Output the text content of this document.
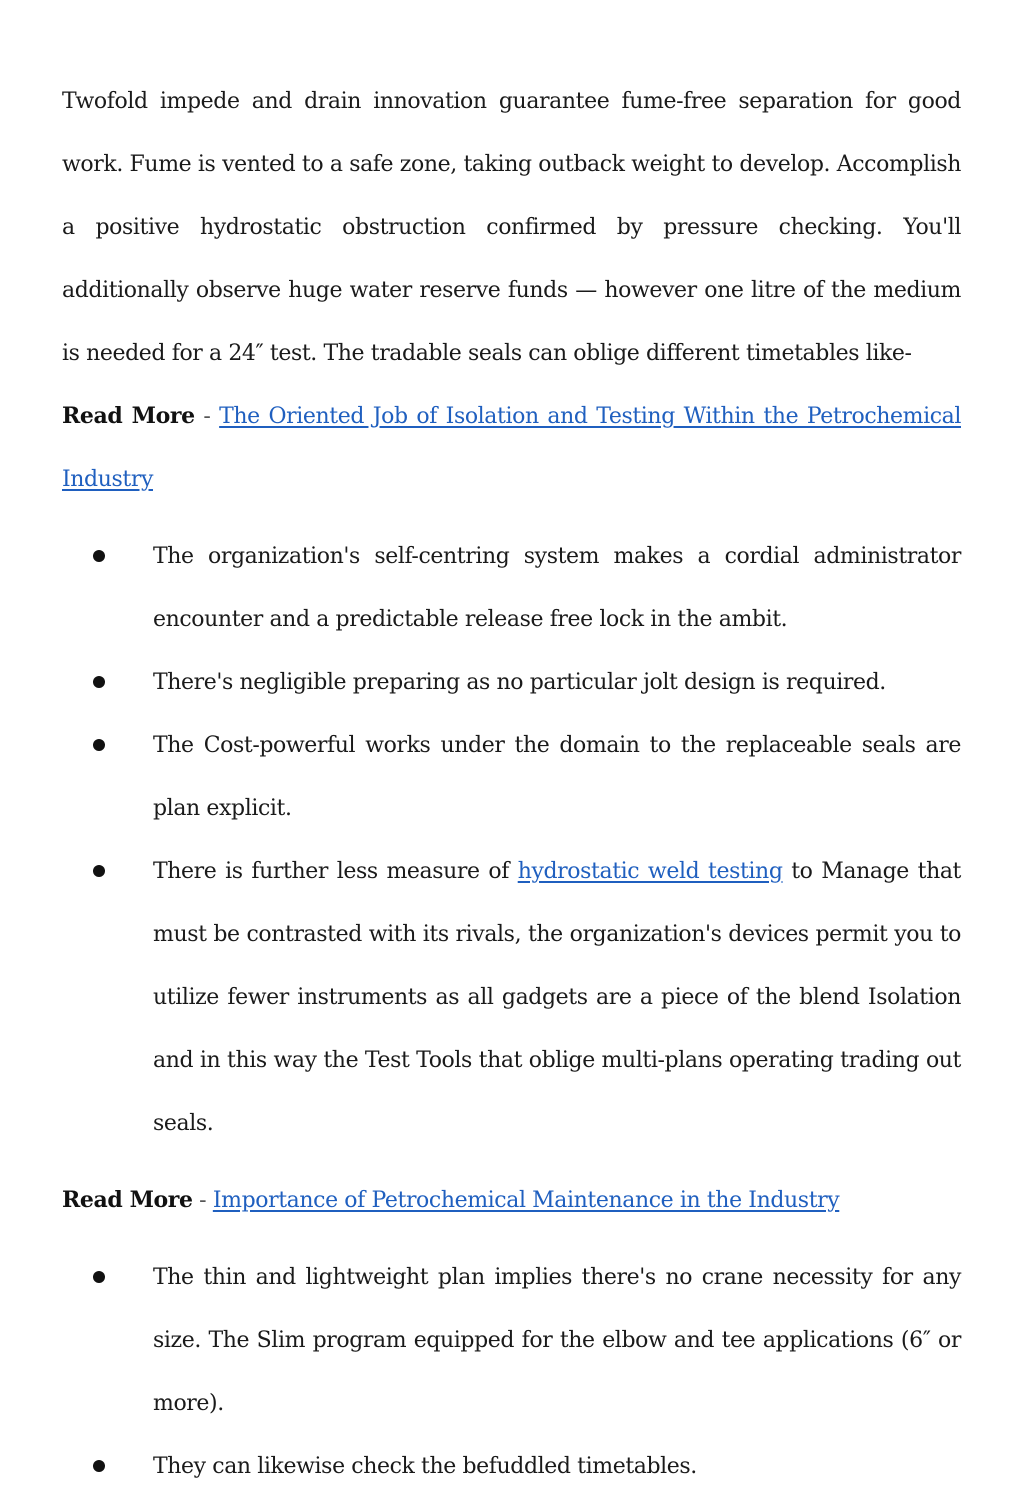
Twofold impede and drain innovation guarantee fume-free separation for good work. Fume is vented to a safe zone, taking outback weight to develop. Accomplish a positive hydrostatic obstruction confirmed by pressure checking. You'll additionally observe huge water reserve funds — however one litre of the medium is needed for a 24″ test. The tradable seals can oblige different timetables like-

Read More - The Oriented Job of Isolation and Testing Within the Petrochemical Industry

The organization's self-centring system makes a cordial administrator encounter and a predictable release free lock in the ambit.
There's negligible preparing as no particular jolt design is required.
The Cost-powerful works under the domain to the replaceable seals are plan explicit.
There is further less measure of hydrostatic weld testing to Manage that must be contrasted with its rivals, the organization's devices permit you to utilize fewer instruments as all gadgets are a piece of the blend Isolation and in this way the Test Tools that oblige multi-plans operating trading out seals.

Read More - Importance of Petrochemical Maintenance in the Industry

The thin and lightweight plan implies there's no crane necessity for any size. The Slim program equipped for the elbow and tee applications (6″ or more).
They can likewise check the befuddled timetables.
